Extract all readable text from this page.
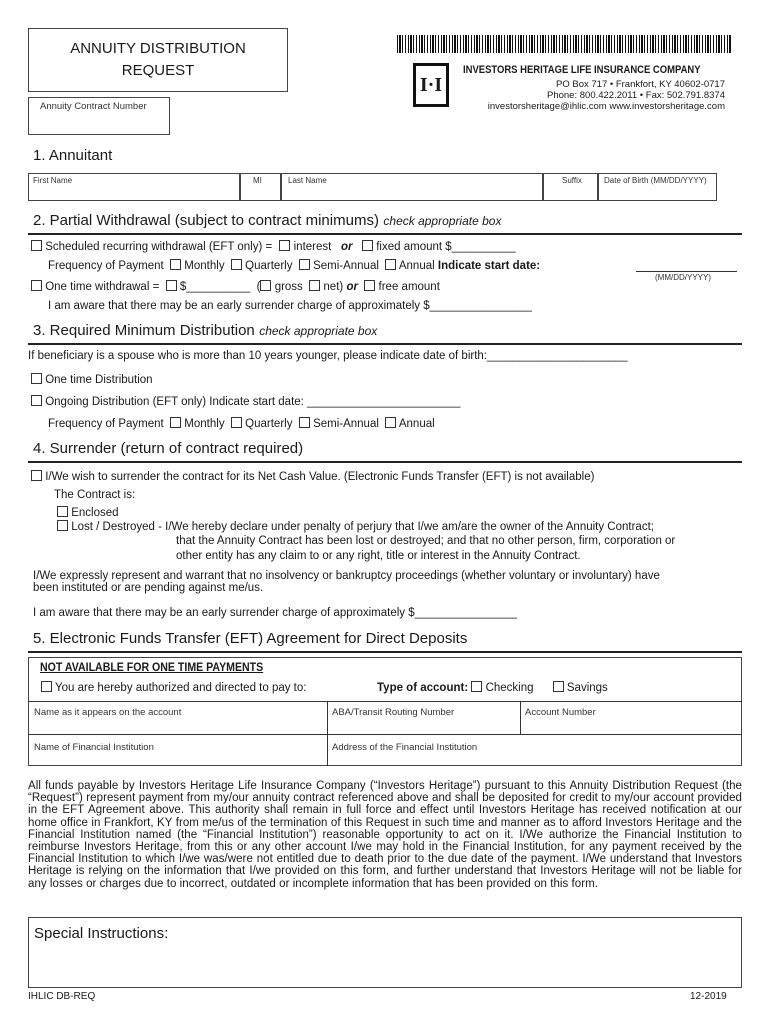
ANNUITY DISTRIBUTION
REQUEST
Annuity Contract Number
I·I
INVESTORS HERITAGE LIFE INSURANCE COMPANY
PO Box 717 • Frankfort, KY 40602-0717
Phone: 800.422.2011 • Fax: 502.791.8374
investorsheritage@ihlic.com www.investorsheritage.com
1. Annuitant
First Name	MI	Last Name	Suffix	Date of Birth (MM/DD/YYYY)
2. Partial Withdrawal (subject to contract minimums) check appropriate box
Scheduled recurring withdrawal (EFT only) = interest or fixed amount $__________
Frequency of Payment Monthly Quarterly Semi-Annual Annual Indicate start date:
(MM/DD/YYYY)
One time withdrawal = $__________ ( gross net) or free amount
I am aware that there may be an early surrender charge of approximately $________________
3. Required Minimum Distribution check appropriate box
If beneficiary is a spouse who is more than 10 years younger, please indicate date of birth:______________________
One time Distribution
Ongoing Distribution (EFT only) Indicate start date: ________________________
Frequency of Payment Monthly Quarterly Semi-Annual Annual
4. Surrender (return of contract required)
I/We wish to surrender the contract for its Net Cash Value. (Electronic Funds Transfer (EFT) is not available)
The Contract is:
Enclosed
Lost / Destroyed - I/We hereby declare under penalty of perjury that I/we am/are the owner of the Annuity Contract;
that the Annuity Contract has been lost or destroyed; and that no other person, firm, corporation or
other entity has any claim to or any right, title or interest in the Annuity Contract.
I/We expressly represent and warrant that no insolvency or bankruptcy proceedings (whether voluntary or involuntary) have
been instituted or are pending against me/us.
I am aware that there may be an early surrender charge of approximately $________________
5. Electronic Funds Transfer (EFT) Agreement for Direct Deposits
NOT AVAILABLE FOR ONE TIME PAYMENTS
You are hereby authorized and directed to pay to:	Type of account: Checking	Savings
Name as it appears on the account	ABA/Transit Routing Number	Account Number
Name of Financial Institution	Address of the Financial Institution
All funds payable by Investors Heritage Life Insurance Company (“Investors Heritage”) pursuant to this Annuity Distribution Request (the “Request”) represent payment from my/our annuity contract referenced above and shall be deposited for credit to my/our account provided in the EFT Agreement above. This authority shall remain in full force and effect until Investors Heritage has received notification at our home office in Frankfort, KY from me/us of the termination of this Request in such time and manner as to afford Investors Heritage and the Financial Institution named (the “Financial Institution”) reasonable opportunity to act on it. I/We authorize the Financial Institution to reimburse Investors Heritage, from this or any other account I/we may hold in the Financial Institution, for any payment received by the Financial Institution to which I/we was/were not entitled due to death prior to the due date of the payment. I/We understand that Investors Heritage is relying on the information that I/we provided on this form, and further understand that Investors Heritage will not be liable for any losses or charges due to incorrect, outdated or incomplete information that has been provided on this form.
Special Instructions:
IHLIC DB-REQ	12-2019
